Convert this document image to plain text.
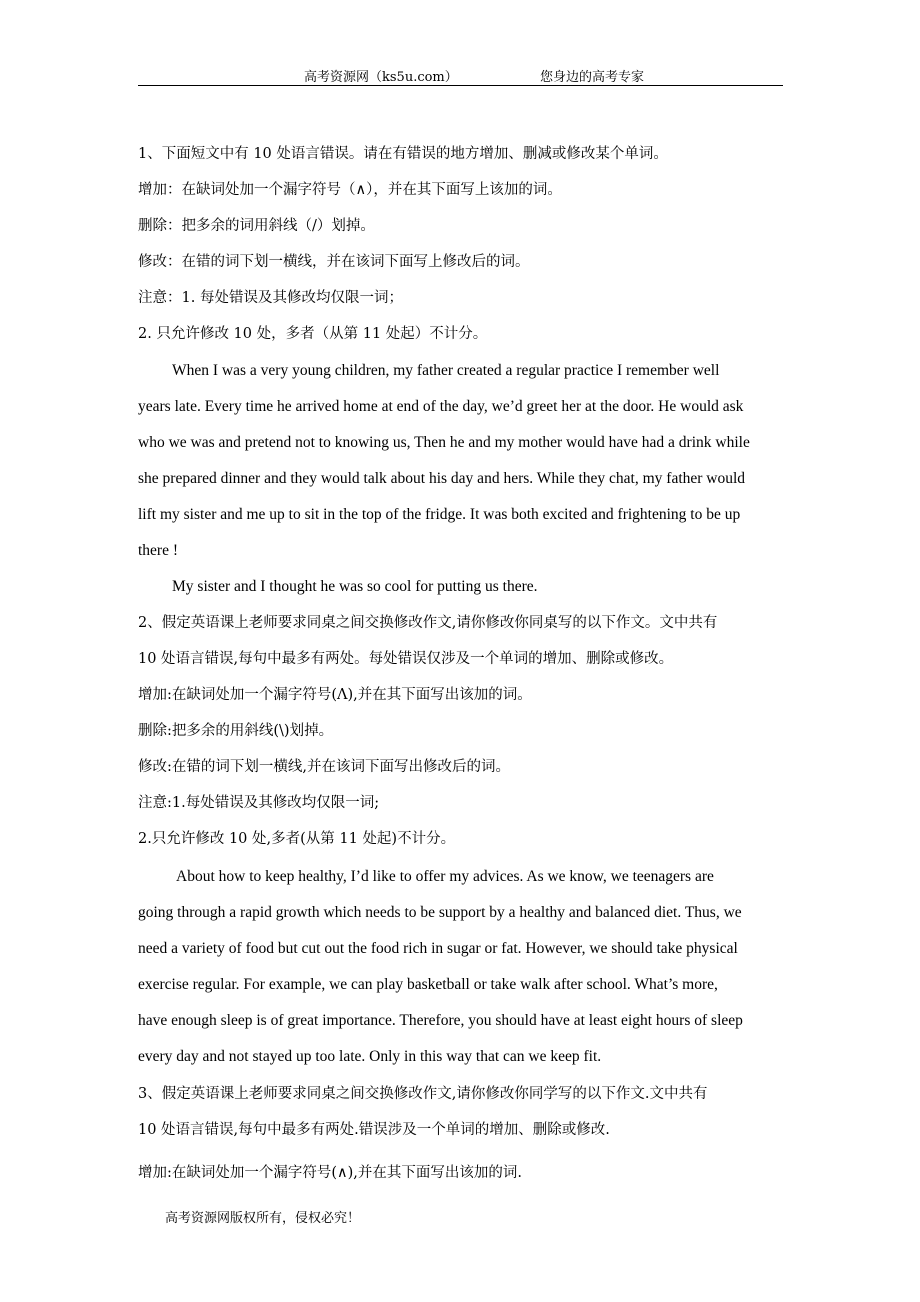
高考资源网（ks5u.com）	您身边的高考专家
1、下面短文中有 10 处语言错误。请在有错误的地方增加、删减或修改某个单词。
增加：在缺词处加一个漏字符号（∧），并在其下面写上该加的词。
删除：把多余的词用斜线（/）划掉。
修改：在错的词下划一横线，并在该词下面写上修改后的词。
注意：1. 每处错误及其修改均仅限一词；
2. 只允许修改 10 处，多者（从第 11 处起）不计分。
When I was a very young children, my father created a regular practice I remember well
years late. Every time he arrived home at end of the day, we’d greet her at the door. He would ask
who we was and pretend not to knowing us, Then he and my mother would have had a drink while
she prepared dinner and they would talk about his day and hers. While they chat, my father would
lift my sister and me up to sit in the top of the fridge. It was both excited and frightening to be up
there !
My sister and I thought he was so cool for putting us there.
2、假定英语课上老师要求同桌之间交换修改作文,请你修改你同桌写的以下作文。文中共有
10 处语言错误,每句中最多有两处。每处错误仅涉及一个单词的增加、删除或修改。
增加:在缺词处加一个漏字符号(Λ),并在其下面写出该加的词。
删除:把多余的用斜线(\)划掉。
修改:在错的词下划一横线,并在该词下面写出修改后的词。
注意:1.每处错误及其修改均仅限一词;
2.只允许修改 10 处,多者(从第 11 处起)不计分。
About how to keep healthy, I’d like to offer my advices. As we know, we teenagers are
going through a rapid growth which needs to be support by a healthy and balanced diet. Thus, we
need a variety of food but cut out the food rich in sugar or fat. However, we should take physical
exercise regular. For example, we can play basketball or take walk after school. What’s more,
have enough sleep is of great importance. Therefore, you should have at least eight hours of sleep
every day and not stayed up too late. Only in this way that can we keep fit.
3、假定英语课上老师要求同桌之间交换修改作文,请你修改你同学写的以下作文.文中共有
10 处语言错误,每句中最多有两处.错误涉及一个单词的增加、删除或修改.
增加:在缺词处加一个漏字符号(∧),并在其下面写出该加的词.
高考资源网版权所有，侵权必究！
